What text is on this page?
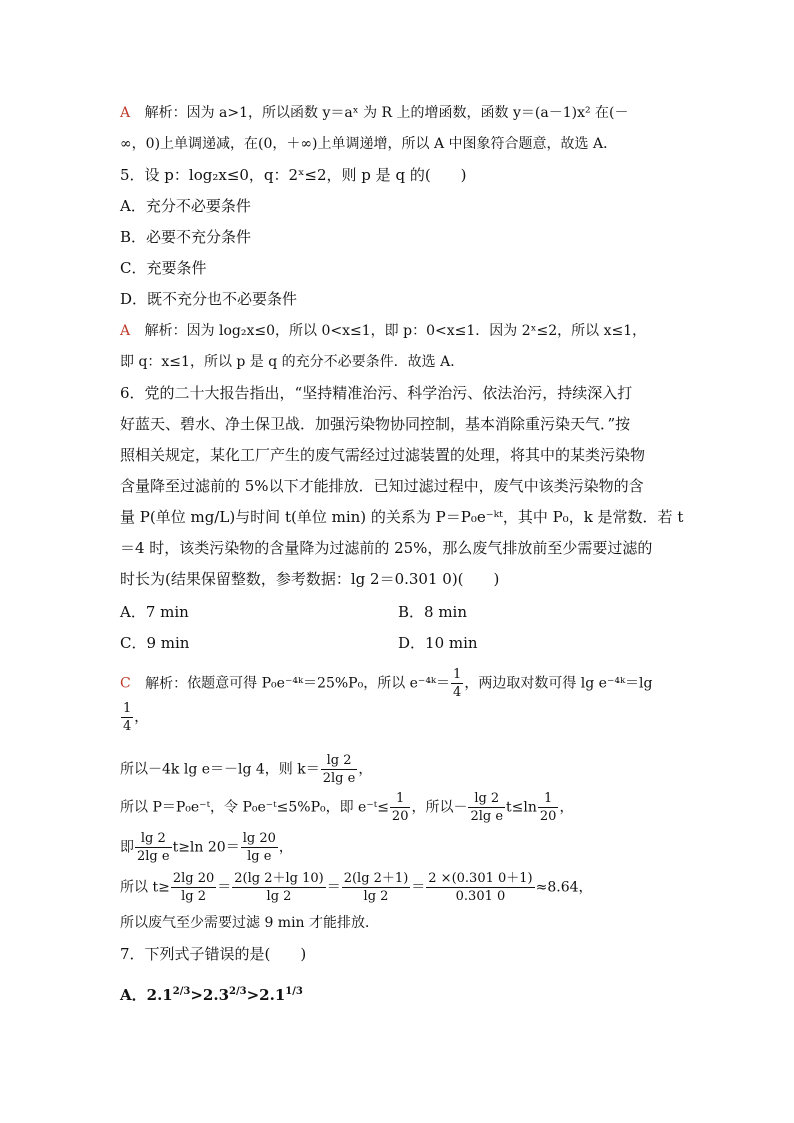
A 解析：因为 a>1，所以函数 y＝aˣ 为 R 上的增函数，函数 y＝(a－1)x² 在(－
∞，0)上单调递减，在(0，＋∞)上单调递增，所以 A 中图象符合题意，故选 A．
5．设 p：log₂x≤0，q：2ˣ≤2，则 p 是 q 的(　　)
A．充分不必要条件
B．必要不充分条件
C．充要条件
D．既不充分也不必要条件
A 解析：因为 log₂x≤0，所以 0<x≤1，即 p：0<x≤1．因为 2ˣ≤2，所以 x≤1，
即 q：x≤1，所以 p 是 q 的充分不必要条件．故选 A．
6．党的二十大报告指出，“坚持精准治污、科学治污、依法治污，持续深入打
好蓝天、碧水、净土保卫战．加强污染物协同控制，基本消除重污染天气．”按
照相关规定，某化工厂产生的废气需经过过滤装置的处理，将其中的某类污染物
含量降至过滤前的 5%以下才能排放．已知过滤过程中，废气中该类污染物的含
量 P(单位 mg/L)与时间 t(单位 min) 的关系为 P＝P₀e⁻ᵏᵗ，其中 P₀，k 是常数．若 t
＝4 时，该类污染物的含量降为过滤前的 25%，那么废气排放前至少需要过滤的
时长为(结果保留整数，参考数据：lg 2＝0.301 0)(　　)
A．7 min	B．8 min
C．9 min	D．10 min
C 解析：依题意可得 P₀e⁻⁴ᵏ＝25%P₀，所以 e⁻⁴ᵏ＝ $\frac{1}{4}$ ，两边取对数可得 lg e⁻⁴ᵏ＝lg
$\frac{1}{4}$ ，
所以－4k lg e＝－lg 4，则 $k= \frac{\lg 2}{\text{2lg e}}$ ，
所以 P＝P₀e⁻ᵗ，令 P₀e⁻ᵗ≤5%P₀，即 e⁻ᵗ≤ $\frac{1}{20}$ ，所以－ $\frac{\lg 2}{\text{2lg e}} t\le\ln \frac{1}{20}$ ，
即 $\frac{\lg 2}{\text{2lg e}} t\ge\ln$ $20= \frac{\lg 20}{\text{lg e}}$ ，
所以 $t\ge \frac{2\lg 20}{\lg 2} = \frac{2(\lg 2+\lg 10)}{\lg 2} = \frac{2(\lg 2+1)}{\lg 2} = \frac{2 \times(0.301 0+1)}{0.301 0} \approx 8.64$，
所以废气至少需要过滤 9 min 才能排放．
7．下列式子错误的是(　　)
A．$2.1^{2/3}>2.3^{2/3}>2.1^{1/3}$
